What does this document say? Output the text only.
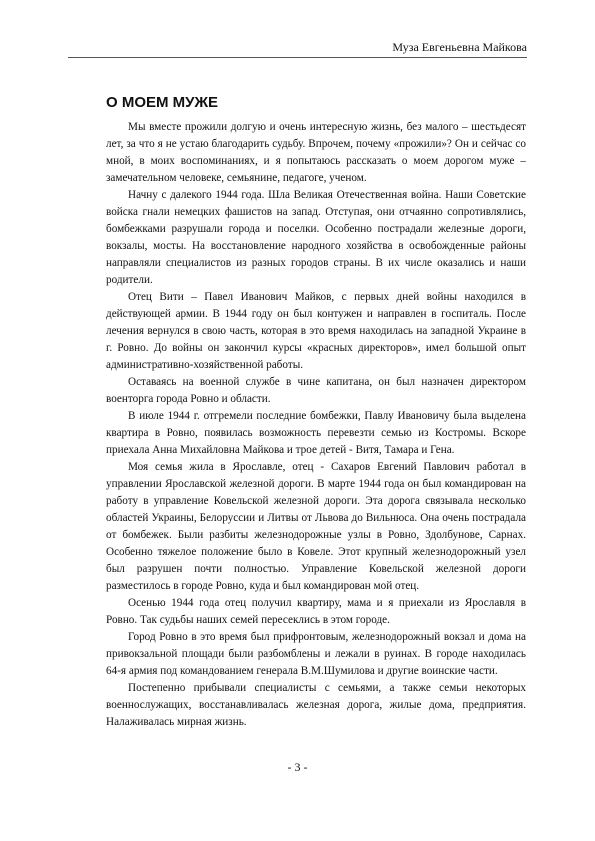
Муза Евгеньевна Майкова
О МОЕМ МУЖЕ

Мы вместе прожили долгую и очень интересную жизнь, без малого – шестьдесят лет, за что я не устаю благодарить судьбу. Впрочем, почему «прожили»? Он и сейчас со мной, в моих воспоминаниях, и я попытаюсь рассказать о моем дорогом муже – замечательном человеке, семьянине, педагоге, ученом.

Начну с далекого 1944 года. Шла Великая Отечественная война. Наши Советские войска гнали немецких фашистов на запад. Отступая, они отчаянно сопротивлялись, бомбежками разрушали города и поселки. Особенно пострадали железные дороги, вокзалы, мосты. На восстановление народного хозяйства в освобожденные районы направляли специалистов из разных городов страны. В их числе оказались и наши родители.

Отец Вити – Павел Иванович Майков, с первых дней войны находился в действующей армии. В 1944 году он был контужен и направлен в госпиталь. После лечения вернулся в свою часть, которая в это время находилась на западной Украине в г. Ровно. До войны он закончил курсы «красных директоров», имел большой опыт административно-хозяйственной работы.

Оставаясь на военной службе в чине капитана, он был назначен директором военторга города Ровно и области.

В июле 1944 г. отгремели последние бомбежки, Павлу Ивановичу была выделена квартира в Ровно, появилась возможность перевезти семью из Костромы. Вскоре приехала Анна Михайловна Майкова и трое детей - Витя, Тамара и Гена.

Моя семья жила в Ярославле, отец - Сахаров Евгений Павлович работал в управлении Ярославской железной дороги. В марте 1944 года он был командирован на работу в управление Ковельской железной дороги. Эта дорога связывала несколько областей Украины, Белоруссии и Литвы от Львова до Вильнюса. Она очень пострадала от бомбежек. Были разбиты железнодорожные узлы в Ровно, Здолбунове, Сарнах. Особенно тяжелое положение было в Ковеле. Этот крупный железнодорожный узел был разрушен почти полностью. Управление Ковельской железной дороги разместилось в городе Ровно, куда и был командирован мой отец.

Осенью 1944 года отец получил квартиру, мама и я приехали из Ярославля в Ровно. Так судьбы наших семей пересеклись в этом городе.

Город Ровно в это время был прифронтовым, железнодорожный вокзал и дома на привокзальной площади были разбомблены и лежали в руинах. В городе находилась 64-я армия под командованием генерала В.М.Шумилова и другие воинские части.

Постепенно прибывали специалисты с семьями, а также семьи некоторых военнослужащих, восстанавливалась железная дорога, жилые дома, предприятия. Налаживалась мирная жизнь.

- 3 -
